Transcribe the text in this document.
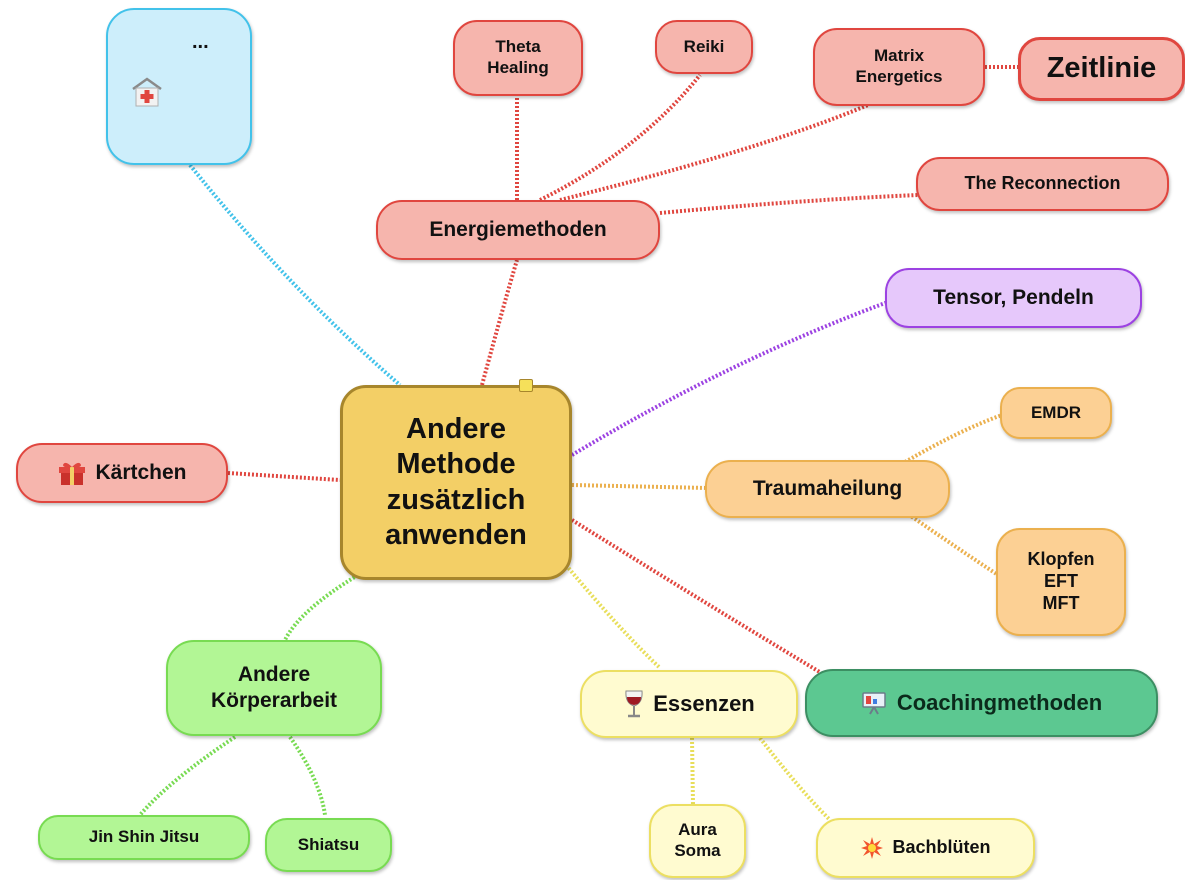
Andere
Methode
zusätzlich
anwenden
Energiemethoden
Theta
Healing
Reiki
Matrix
Energetics	Zeitlinie
The Reconnection
Tensor, Pendeln
Traumaheilung
EMDR
Klopfen
EFT
MFT
Coachingmethoden
Essenzen
Aura
Soma	Bachblüten
Andere
Körperarbeit
Jin Shin Jitsu	Shiatsu
Kärtchen
...
